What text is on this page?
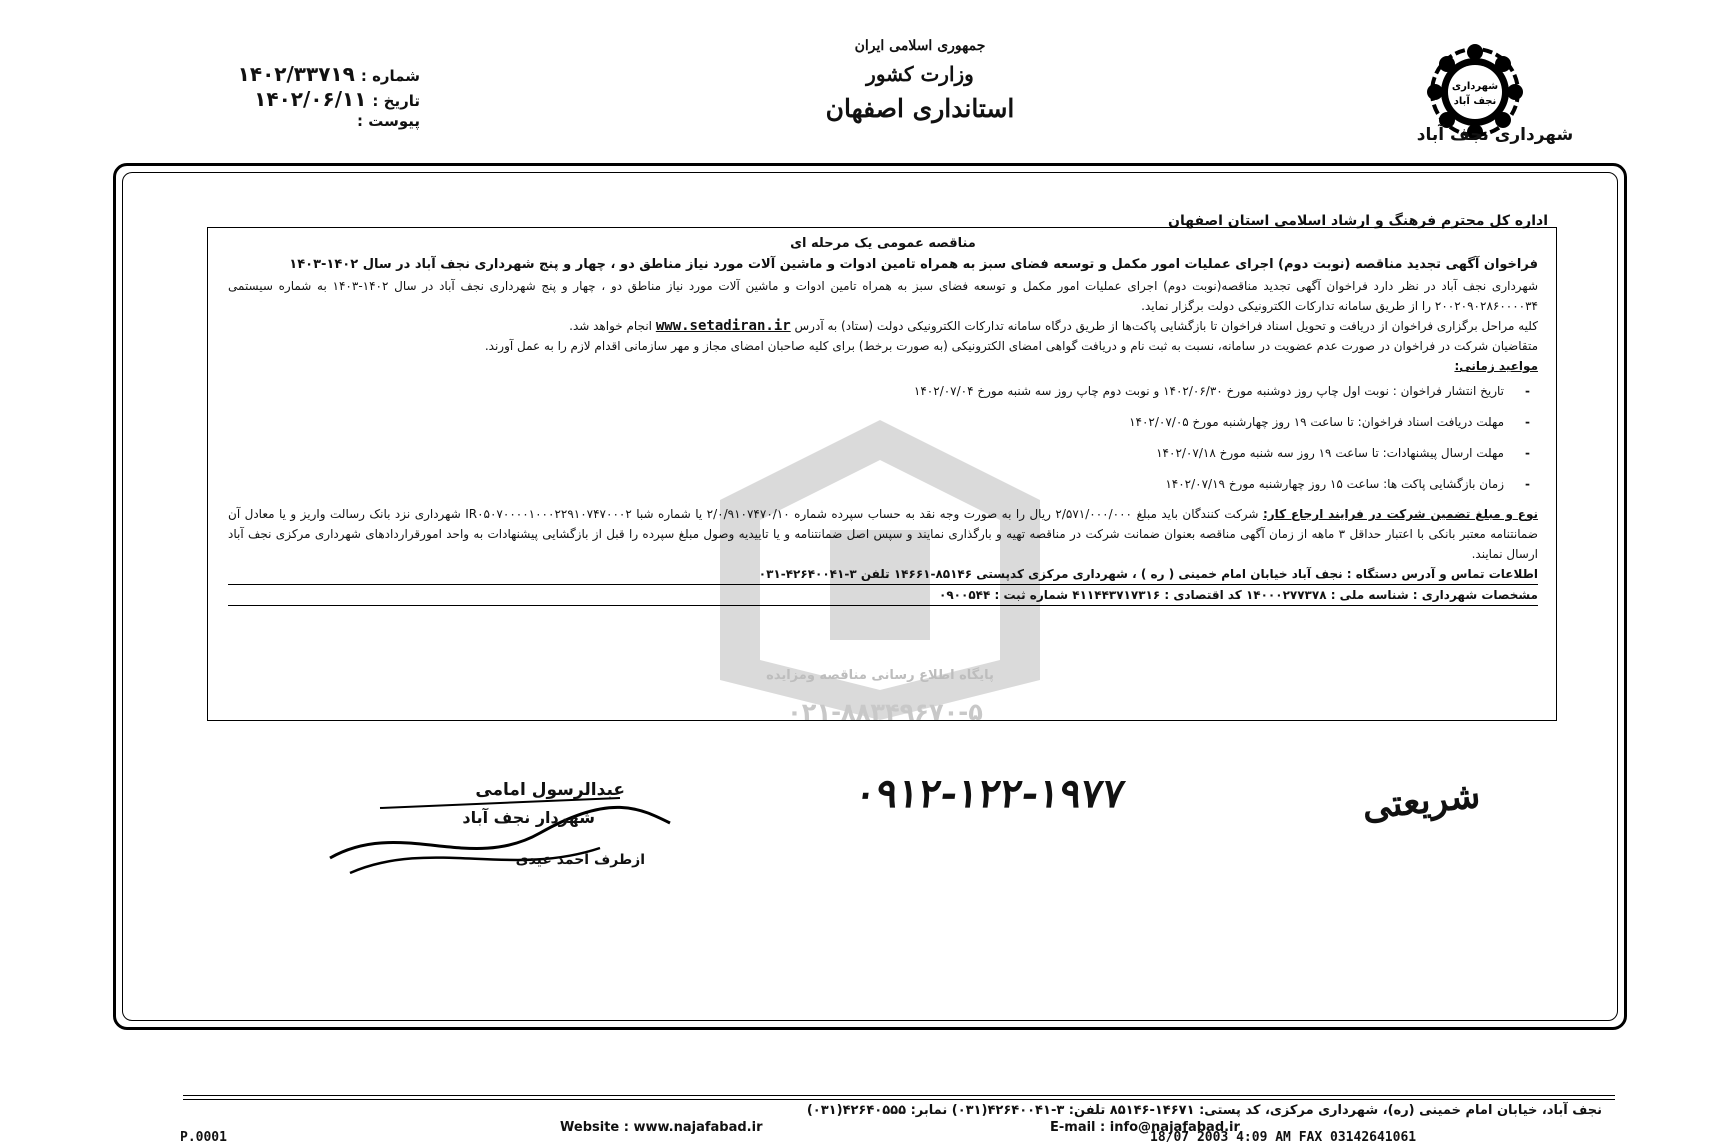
شهرداری
نجف آباد
شهرداری نجف آباد
جمهوری اسلامی ایران
وزارت کشور
استانداری اصفهان
شماره :
۱۴۰۲/۳۳۷۱۹
تاریخ :
۱۴۰۲/۰۶/۱۱
پیوست :
اداره کل محترم فرهنگ و ارشاد اسلامی استان اصفهان
پایگاه اطلاع رسانی مناقصه ومزایده
۰۲۱-۸۸۳۴۹۶۷۰-۵
مناقصه عمومی یک مرحله ای
فراخوان آگهی تجدید مناقصه (نوبت دوم) اجرای عملیات امور مکمل و توسعه فضای سبز به همراه تامین ادوات و ماشین آلات مورد نیاز مناطق دو ، چهار و پنج شهرداری نجف آباد در سال ۱۴۰۲-۱۴۰۳
شهرداری نجف آباد در نظر دارد فراخوان آگهی تجدید مناقصه(نوبت دوم) اجرای عملیات امور مکمل و توسعه فضای سبز به همراه تامین ادوات و ماشین آلات مورد نیاز مناطق دو ، چهار و پنج شهرداری نجف آباد در سال ۱۴۰۲-۱۴۰۳ به شماره سیستمی ۲۰۰۲۰۹۰۲۸۶۰۰۰۰۳۴ را از طریق سامانه تدارکات الکترونیکی دولت برگزار نماید.
کلیه مراحل برگزاری فراخوان از دریافت و تحویل اسناد فراخوان تا بازگشایی پاکت‌ها از طریق درگاه سامانه تدارکات الکترونیکی دولت (ستاد) به آدرس www.setadiran.ir انجام خواهد شد.
متقاضیان شرکت در فراخوان در صورت عدم عضویت در سامانه، نسبت به ثبت نام و دریافت گواهی امضای الکترونیکی (به صورت برخط) برای کلیه صاحبان امضای مجاز و مهر سازمانی اقدام لازم را به عمل آورند.
مواعید زمانی:
- تاریخ انتشار فراخوان : نوبت اول چاپ روز دوشنبه مورخ ۱۴۰۲/۰۶/۳۰ و نوبت دوم چاپ روز سه شنبه مورخ ۱۴۰۲/۰۷/۰۴
- مهلت دریافت اسناد فراخوان: تا ساعت ۱۹ روز چهارشنبه مورخ ۱۴۰۲/۰۷/۰۵
- مهلت ارسال پیشنهادات: تا ساعت ۱۹ روز سه شنبه مورخ ۱۴۰۲/۰۷/۱۸
- زمان بازگشایی پاکت ها: ساعت ۱۵ روز چهارشنبه مورخ ۱۴۰۲/۰۷/۱۹
نوع و مبلغ تضمین شرکت در فرایند ارجاع کار: شرکت کنندگان باید مبلغ ۲/۵۷۱/۰۰۰/۰۰۰ ریال را به صورت وجه نقد به حساب سپرده شماره ۲/۰/۹۱۰۷۴۷۰/۱۰ یا شماره شبا IR۰۵۰۷۰۰۰۰۱۰۰۰۲۲۹۱۰۷۴۷۰۰۰۲ شهرداری نزد بانک رسالت واریز و یا معادل آن ضمانتنامه معتبر بانکی با اعتبار حداقل ۳ ماهه از زمان آگهی مناقصه بعنوان ضمانت شرکت در مناقصه تهیه و بارگذاری نمایند و سپس اصل ضمانتنامه و یا تاییدیه وصول مبلغ سپرده را قبل از بازگشایی پیشنهادات به واحد امورقراردادهای شهرداری مرکزی نجف آباد ارسال نمایند.
اطلاعات تماس و آدرس دستگاه : نجف آباد خیابان امام خمینی ( ره ) ، شهرداری مرکزی کدپستی ۸۵۱۴۶-۱۴۶۶۱ تلفن ۳-۴۲۶۴۰۰۴۱-۰۳۱
مشخصات شهرداری : شناسه ملی : ۱۴۰۰۰۲۷۷۳۷۸ کد اقتصادی : ۴۱۱۴۴۳۷۱۷۳۱۶ شماره ثبت : ۰۹۰۰۵۴۴
عبدالرسول امامی
شهردار نجف آباد
ازطرف احمد عیدی
۰۹۱۲-۱۲۲-۱۹۷۷	شریعتی
نجف آباد، خیابان امام خمینی (ره)، شهرداری مرکزی، کد پستی: ۱۴۶۷۱-۸۵۱۴۶ تلفن: ۳-۴۲۶۴۰۰۴۱(۰۳۱) نمابر: ۴۲۶۴۰۵۵۵(۰۳۱)
Website : www.najafabad.ir	E-mail : info@najafabad.ir
P.0001	18/07 2003 4:09 AM FAX 03142641061
